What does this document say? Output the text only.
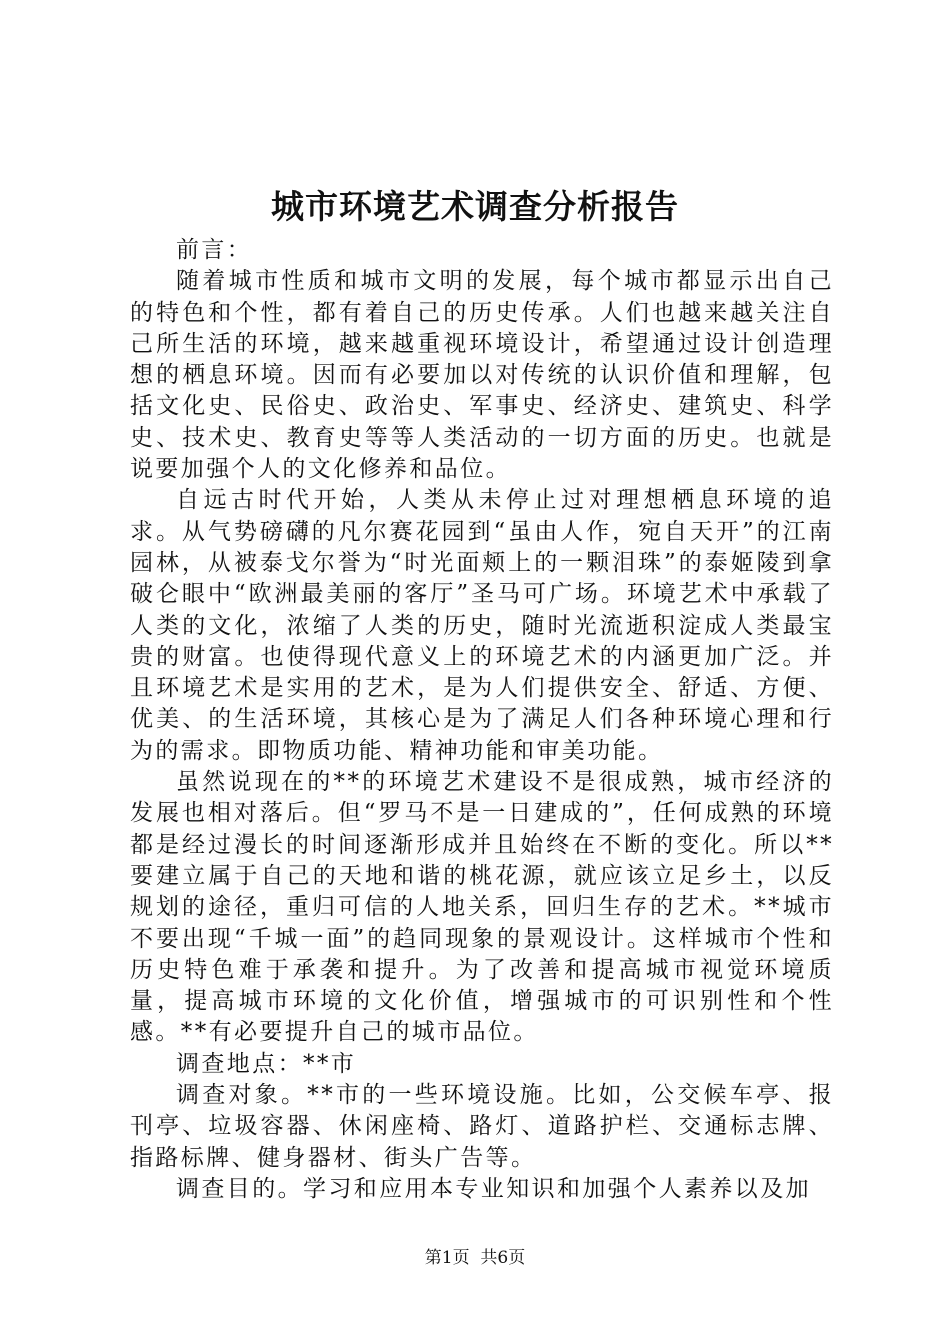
城市环境艺术调查分析报告

前言：

随着城市性质和城市文明的发展，每个城市都显示出自己的特色和个性，都有着自己的历史传承。人们也越来越关注自己所生活的环境，越来越重视环境设计，希望通过设计创造理想的栖息环境。因而有必要加以对传统的认识价值和理解，包括文化史、民俗史、政治史、军事史、经济史、建筑史、科学史、技术史、教育史等等人类活动的一切方面的历史。也就是说要加强个人的文化修养和品位。

自远古时代开始，人类从未停止过对理想栖息环境的追求。从气势磅礴的凡尔赛花园到“虽由人作，宛自天开”的江南园林，从被泰戈尔誉为“时光面颊上的一颗泪珠”的泰姬陵到拿破仑眼中“欧洲最美丽的客厅”圣马可广场。环境艺术中承载了人类的文化，浓缩了人类的历史，随时光流逝积淀成人类最宝贵的财富。也使得现代意义上的环境艺术的内涵更加广泛。并且环境艺术是实用的艺术，是为人们提供安全、舒适、方便、优美、的生活环境，其核心是为了满足人们各种环境心理和行为的需求。即物质功能、精神功能和审美功能。

虽然说现在的**的环境艺术建设不是很成熟，城市经济的发展也相对落后。但“罗马不是一日建成的”，任何成熟的环境都是经过漫长的时间逐渐形成并且始终在不断的变化。所以**要建立属于自己的天地和谐的桃花源，就应该立足乡土，以反规划的途径，重归可信的人地关系，回归生存的艺术。**城市不要出现“千城一面”的趋同现象的景观设计。这样城市个性和历史特色难于承袭和提升。为了改善和提高城市视觉环境质量，提高城市环境的文化价值，增强城市的可识别性和个性感。**有必要提升自己的城市品位。

调查地点：**市

调查对象。**市的一些环境设施。比如，公交候车亭、报刊亭、垃圾容器、休闲座椅、路灯、道路护栏、交通标志牌、指路标牌、健身器材、街头广告等。

调查目的。学习和应用本专业知识和加强个人素养以及加

第1页 共6页
